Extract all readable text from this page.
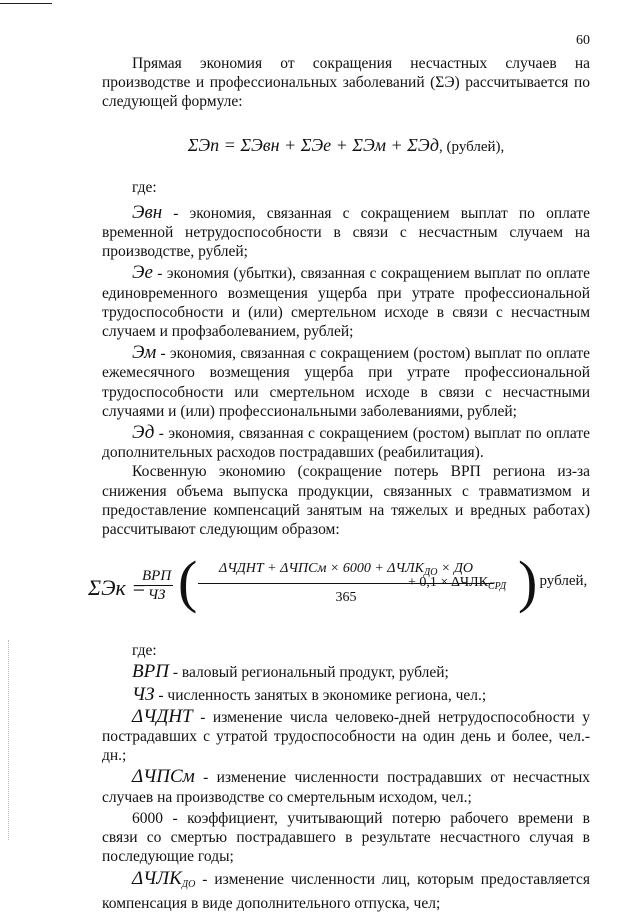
60

Прямая экономия от сокращения несчастных случаев на производстве и профессиональных заболеваний (ΣЭ) рассчитывается по следующей формуле:

ΣЭп = ΣЭвн + ΣЭе + ΣЭм + ΣЭд, (рублей),

где:

Эвн - экономия, связанная с сокращением выплат по оплате временной нетрудоспособности в связи с несчастным случаем на производстве, рублей;

Эе - экономия (убытки), связанная с сокращением выплат по оплате единовременного возмещения ущерба при утрате профессиональной трудоспособности и (или) смертельном исходе в связи с несчастным случаем и профзаболеванием, рублей;

Эм - экономия, связанная с сокращением (ростом) выплат по оплате ежемесячного возмещения ущерба при утрате профессиональной трудоспособности или смертельном исходе в связи с несчастными случаями и (или) профессиональными заболеваниями, рублей;

Эд - экономия, связанная с сокращением (ростом) выплат по оплате дополнительных расходов пострадавших (реабилитация).

Косвенную экономию (сокращение потерь ВРП региона из-за снижения объема выпуска продукции, связанных с травматизмом и предоставление компенсаций занятым на тяжелых и вредных работах) рассчитывают следующим образом:

ΣЭк =
ВРП
ЧЗ (	ΔЧДНТ + ΔЧПСм × $6000 + \Delta ЧЛК_{ДО}$ × ДО
365
+ $0,1 \times \Delta ЧЛК_{СРД}$ )
, рублей,

где:

ВРП - валовый региональный продукт, рублей;

ЧЗ - численность занятых в экономике региона, чел.;

ΔЧДНТ - изменение числа человеко-дней нетрудоспособности у пострадавших с утратой трудоспособности на один день и более, чел.-дн.;

ΔЧПСм - изменение численности пострадавших от несчастных случаев на производстве со смертельным исходом, чел.;

6000 - коэффициент, учитывающий потерю рабочего времени в связи со смертью пострадавшего в результате несчастного случая в последующие годы;

$\Delta ЧЛК_{ДО}$ - изменение численности лиц, которым предоставляется компенсация в виде дополнительного отпуска, чел;
